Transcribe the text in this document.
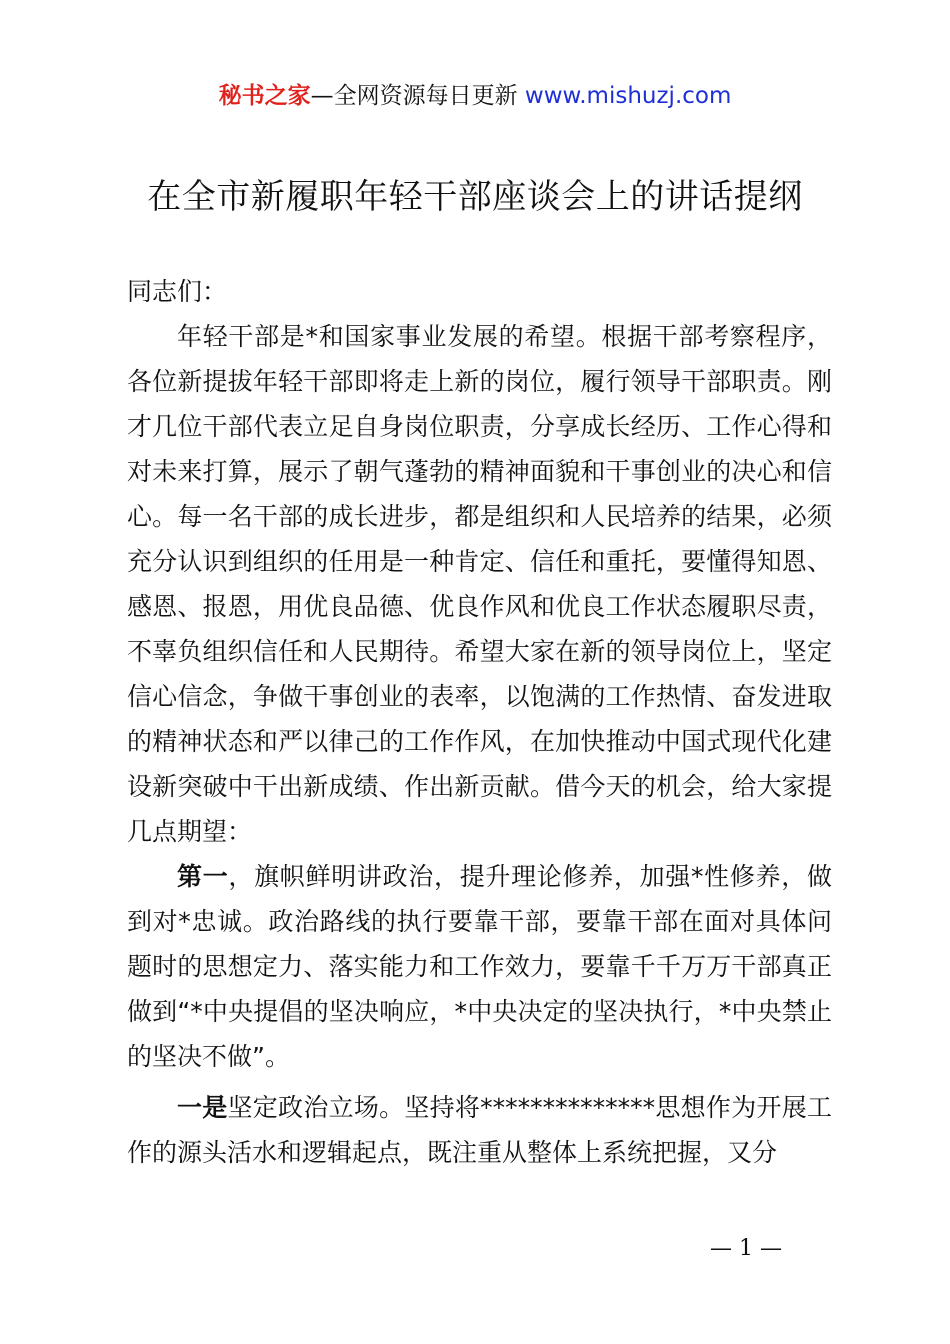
秘书之家—全网资源每日更新 www.mishuzj.com
在全市新履职年轻干部座谈会上的讲话提纲

同志们：

年轻干部是*和国家事业发展的希望。根据干部考察程序，各位新提拔年轻干部即将走上新的岗位，履行领导干部职责。刚才几位干部代表立足自身岗位职责，分享成长经历、工作心得和对未来打算，展示了朝气蓬勃的精神面貌和干事创业的决心和信心。每一名干部的成长进步，都是组织和人民培养的结果，必须充分认识到组织的任用是一种肯定、信任和重托，要懂得知恩、感恩、报恩，用优良品德、优良作风和优良工作状态履职尽责，不辜负组织信任和人民期待。希望大家在新的领导岗位上，坚定信心信念，争做干事创业的表率，以饱满的工作热情、奋发进取的精神状态和严以律己的工作作风，在加快推动中国式现代化建设新突破中干出新成绩、作出新贡献。借今天的机会，给大家提几点期望：

第一，旗帜鲜明讲政治，提升理论修养，加强*性修养，做到对*忠诚。政治路线的执行要靠干部，要靠干部在面对具体问题时的思想定力、落实能力和工作效力，要靠千千万万干部真正做到“*中央提倡的坚决响应，*中央决定的坚决执行，*中央禁止的坚决不做”。

一是坚定政治立场。坚持将**************思想作为开展工作的源头活水和逻辑起点，既注重从整体上系统把握，又分

— 1 —
